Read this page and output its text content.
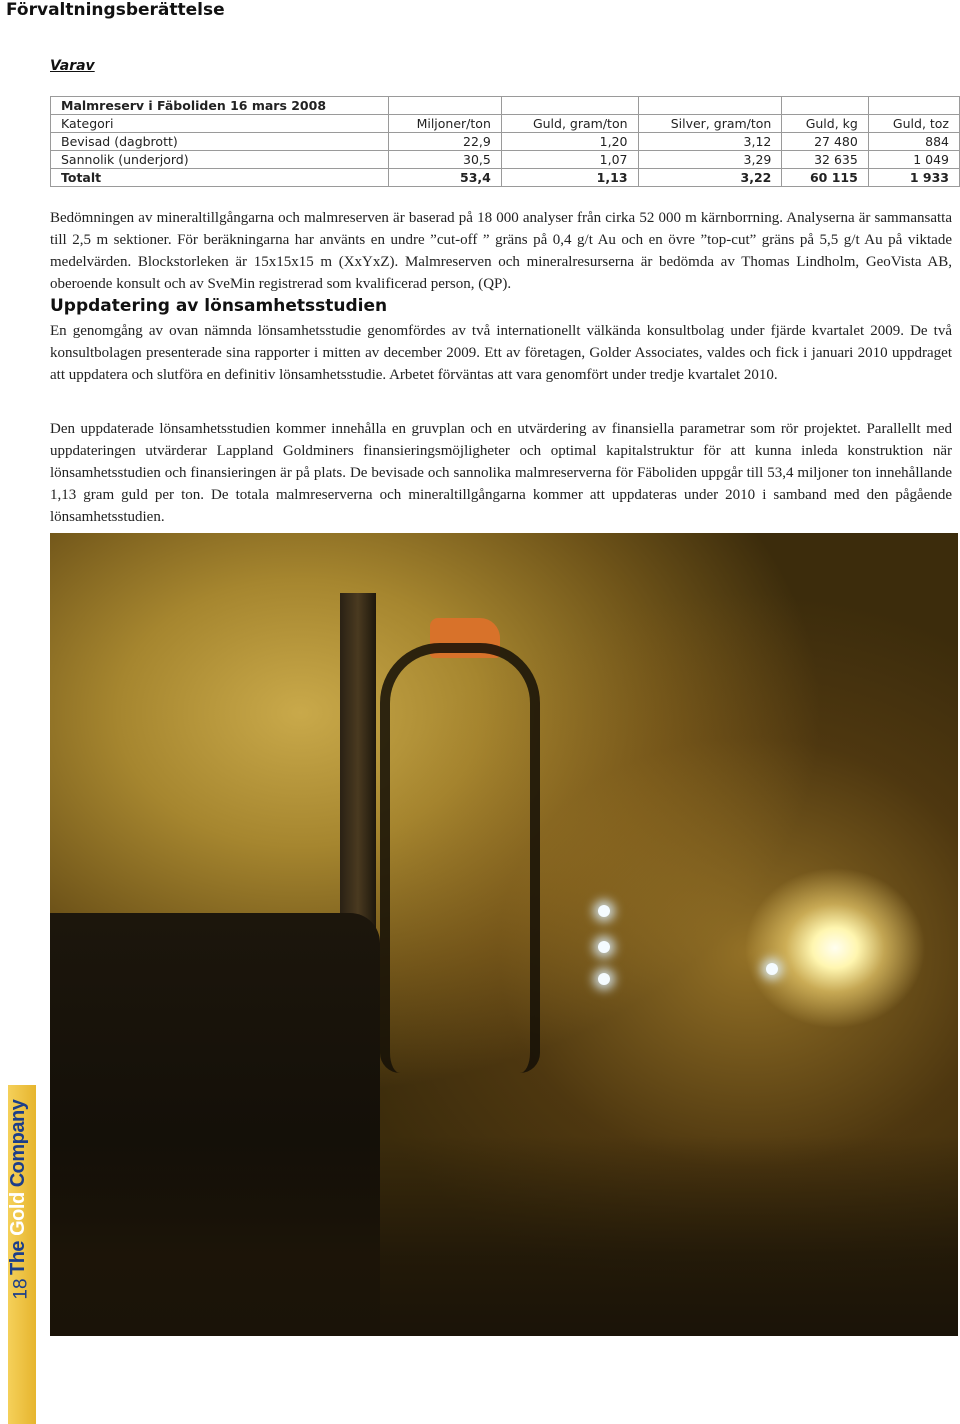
Förvaltningsberättelse
Varav
Malmreserv i Fäboliden 16 mars 2008					
Kategori	Miljoner/ton	Guld, gram/ton	Silver, gram/ton	Guld, kg	Guld, toz
Bevisad (dagbrott)	22,9	1,20	3,12	27 480	884
Sannolik (underjord)	30,5	1,07	3,29	32 635	1 049
Totalt	53,4	1,13	3,22	60 115	1 933

Bedömningen av mineraltillgångarna och malmreserven är baserad på 18 000 analyser från cirka 52 000 m kärnborrning. Analyserna är sammansatta till 2,5 m sektioner. För beräkningarna har använts en undre ”cut-off ” gräns på 0,4 g/t Au och en övre ”top-cut” gräns på 5,5 g/t Au på viktade medelvärden. Blockstorleken är 15x15x15 m (XxYxZ). Malmreserven och mineralresurserna är bedömda av Thomas Lindholm, GeoVista AB, oberoende konsult och av SveMin registrerad som kvalificerad person, (QP).

Uppdatering av lönsamhetsstudien

En genomgång av ovan nämnda lönsamhetsstudie genomfördes av två internationellt välkända konsultbolag under fjärde kvartalet 2009. De två konsultbolagen presenterade sina rapporter i mitten av december 2009. Ett av företagen, Golder Associates, valdes och fick i januari 2010 uppdraget att uppdatera och slutföra en definitiv lönsamhetsstudie. Arbetet förväntas att vara genomfört under tredje kvartalet 2010.

Den uppdaterade lönsamhetsstudien kommer innehålla en gruvplan och en utvärdering av finansiella parametrar som rör projektet. Parallellt med uppdateringen utvärderar Lappland Goldminers finansieringsmöjligheter och optimal kapitalstruktur för att kunna inleda konstruktion när lönsamhetsstudien och finansieringen är på plats. De bevisade och sannolika malmreserverna för Fäboliden uppgår till 53,4 miljoner ton innehållande 1,13 gram guld per ton. De totala malmreserverna och mineraltillgångarna kommer att uppdateras under 2010 i samband med den pågående lönsamhetsstudien.

The Gold Company
18
